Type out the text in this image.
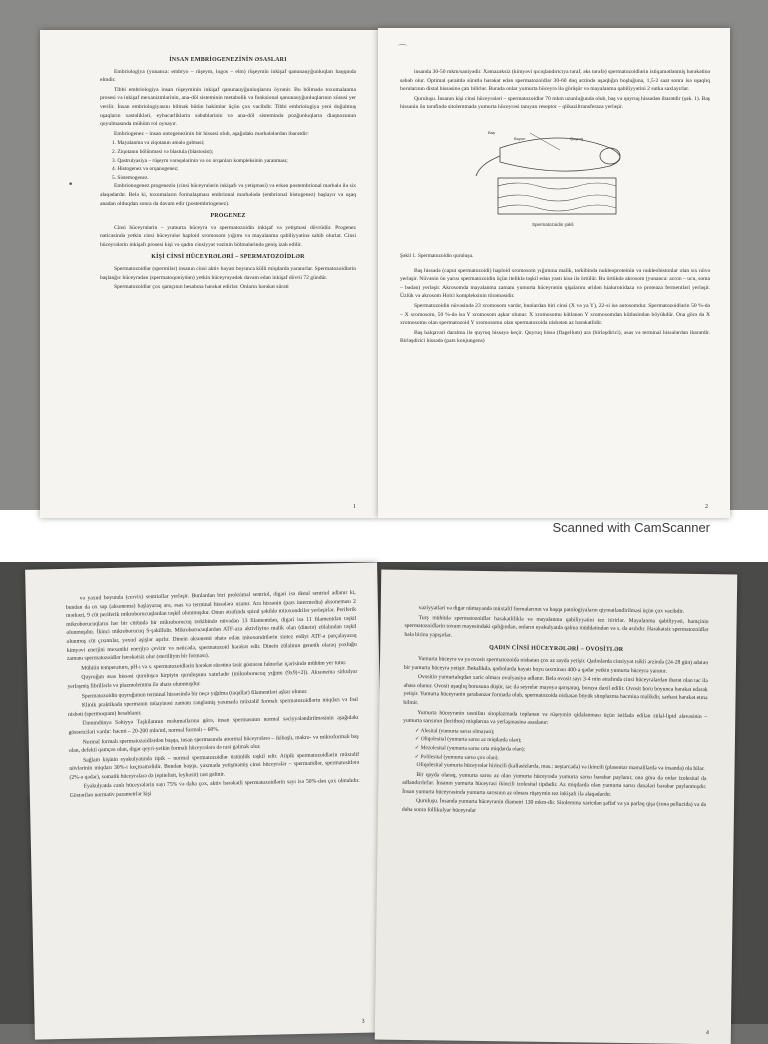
Scanned with CamScanner
İNSAN EMBRİOGENEZİNİN ƏSASLARI

Embriologiya (yunanca: embryo – rüşeym, logos – elm) rüşeymin inkişaf qanunauyğunluqları haqqında elmdir.

Tibbi embriologiya insan rüşeyminin inkişaf qanunauyğunluqlarını öyrənir. Bu bölmədə toxumalanma prosesi və inkişaf mexanizmlərinin, ana-döl sisteminin metabolik və funksional qanunauyğunluqlarının xüsusi yer verilir. İnsan embriologiyasını bilmək bütün həkimlər üçün çox vacibdir. Tibbi embriologiya yeni doğulmuş uşaqların xəstəlikləri, eybəcərliklərin səbəblərinin və ana-döl sistemində pozğunluqların diaqnozunun qoyulmasında mühüm rol oynayır.

Embriogenez – insan ontogenezinin bir hissəsi olub, aşağıdakı mərhələlərdən ibarətdir:

1. Mayalanma və ziqotanın əmələ gəlməsi;
2. Ziqotanın bölünməsi və blastula (blastosist);
3. Qastrulyasiya – rüşeym vərəqələrinin və ox orqanları kompleksinin yaranması;
4. Histogenez və orqanogenez;
5. Sistemogenez.

Embrionogenez progenezlə (cinsi hüceyrələrin inkişafı və yetişməsi) və erkən postembrional mərhələ ilə six əlaqədardır. Belə ki, toxumaların formalaşması embrional mərhələdə (embrional histogenez) başlayır və uşaq anadan olduqdan sonra da davam edir (postembriogenez).

PROGENEZ

Cinsi hüceyrələrin – yumurta hüceyrə və spermatozoidin inkişaf və yetişməsi dövrüdür. Progenez nəticəsində yetkin cinsi hüceyrələr haploid xromosom yığımı və mayalanma qabiliyyətinə sahib olurlar. Cinsi hüceyrələrin inkişafı prosesi kişi və qadın cinsiyyət vəzinin bölmələrində geniş izah edilir.

KİŞİ CİNSİ HÜCEYRƏLƏRİ – SPERMATOZOİDLƏR

Spermatozoidlər (spermilər) insanın cinsi aktiv həyatı boyunca külli miqdarda yaranırlar. Spermatozoidlərin başlanğıc hüceyrədən (spermatoqoniydən) yetkin hüceyrəyədək davam edən inkişaf dövrü 72 gündür.

Spermatozoidlər çox qamçının hesabına hərəkət edirlər. Onların hərəkət sürəti

•
1
⌒

insanda 30-50 mkm/saniyədir. Xəmazəksiz (kimyəvi qıcıqlandırıcıya təraf, əks tərəfə) spermatozoidlərin istiqamətlənmiş hərəkətinə səbəb olur. Optimal şəraitdə sürətlə hərəkət edən spermatozoidlər 30-60 dəq ərzində uşaqlığın boşluğuna, 1,5-2 saat sonra isə uşaqlıq borularının distal hissəsinə çatı bilirlər. Burada onlar yumurta hüceyrə ilə görüşür və mayalanma qabiliyyətini 2 sutka saxlayırlar.

Quruluşu. İnsanın kişi cinsi hüceyrələri – spermatozoidlər 70 mkm uzunluğunda olub, baş və quyruq hissədən ibarətdir (şək. 1). Baş hissənin ön tərəfində sitolemmada yumurta hüceyrəsi tanıyan reseptor – qlikaziltransferaza yerləşir.

Baş
Boyun	Quyruq
Spermatozoidin şəkli
Şəkil 1. Spermatozoidin quruluşu.

Baş hissədə (caput spermatozoidi) haploid xromosom yığımına malik, tərkibində nukleoproteinin və nukleohistonlar olan sıx nüvə yerləşir. Nüvənin ön yarısı spermatozoidin üçün iteliklə təşkil edən yastı kisə ilə örtülür. Bu örtükdə akrosom (yunanca: acron – ucu, soma – bədən) yerləşir. Akrosomda mayalanma zamanı yumurta hüceyrənin qişalarını əridən hialuronidaza və proteaza fermentləri yerləşir. Üzlük və akrosom Holci kompleksinin törəməsidir.

Spermatozoidin nüvəsində 23 xromosom vardır, bunlardan biri cinsi (X və ya Y), 22-si isə autosomdur. Spermatozoidlərin 50 %-də – X xromosom, 50 %-də isə Y xromosom aşkar olunur. X xromosomu kütlənən Y xromosomdan kütləsindən böyükdür. Ona görə də X xromosomu olan spermatozoid Y xromosomu olan spermatozoida nisbətən az hərəkətlidir.

Baş halqavari daralma ilə quyruq hissəyə keçir. Quyruq hissə (flagellum) ara (birləşdirici), əsas və terminal hissələrdən ibarətdir. Birləşdirici hissədə (pars konjungens)

2

və yaxud boyunda (cervix) sentriollar yerləşir. Bunlardan biri proksimal sentriol, digəri isə distal sentriol adlanır ki, bundan da ox sap (aksonema) başlayaraq ara, əsas və terminal hissələrə uzanır. Ara hissənin (pars intermedia) aksoneması 2 mərkəzi, 9 cüt periferik mikroborucuqlardan təşkil olunmuşdur. Onun ətrafında spiral şəkildə mitoxondrilər yerləşirlər. Periferik mikroborucuqların hər bir cütündə bir mikroborucuq tərkibində nüvədən 13 filamentdən, digəri isə 11 filamentdən təşkil olunmuşdur. İkinci mikroborucuq S-şəkillidir. Mikroborucuqlardan ATF-aza aktivliyinə malik olan (dinein) zülalından təşkil olunmuş cüt çıxıntılar, yəxud əşişlər aşırlır. Dinein aksonemi əhatə edən mitoxondrilərin sintez etdiyi ATF-a parçalayaraq kimyəvi enerjini mexaniki enerjiyə çevirir və nəticədə, spermatozoid hərəkət edir. Dinein zülalının genetik olaraq yoxluğu zamanı spermatozoidlər hərəkətsiz olur (sterilliyin bir forması).

Mühitin temperaturu, pH-ı və s. spermatozoidlərin hərəkət sürətinə təsir göstərən faktorlar içərisində mühüm yer tutur.

Quyruğun əsas hissəsi quruluşca kirpiyin quruluşunu xatırladır (mikroborucuq yığımı (9x9)+2)). Aksonema sirkulyar yerləşmiş fibrillərlə və plazmolemma ilə əhatə olunmuşdur.

Spermatozoidin quyruğunun terminal hissəsində bir neçə yığılma (taqallar) filamentləri aşkar olunur.

Klinik praktikada spermanın müayinəsi zamanı rəngləmiş yaxmada müxtəlif formalı spermatozoidlərin miqdarı və fəal nisbəti (spermoqram) hesablanır.

Ümumdünya Səhiyyə Təşkilatının məlumatlarına görə, insan spermasının normal səciyyələndirilməsinin aşağıdakı göstəriciləri vardır: həcmi – 20-200 mln/ml, normal formalı – 60%.

Normal formalı spermatozoidlərdən başqa, insan spermasında anormal hüceyrələrə – ikibaşlı, makro- və mikroformalı baş olan, defekti qamçısı olan, digər qeyri-yetkin formalı hüceyrələrə də rast gəlmək olur.

Sağlam kişinin eyakulyatında tipik – normal spermatozoidlər üstünlük təşkil edir. Atipik spermatozoidlərin müxtəlif növlərinin miqdarı 30%-i keçməməlidir. Bundan başqa, yaxmada yetişməmiş cinsi hüceyrələr – spermatidlər, spermatositlərə (2%-ə qədər), somatik hüceyrələrə də (epitelisit, leykosit) rast gəlinir.

Eyakulyatda canlı hüceyrələrin sayı 75% və daha çox, aktiv hərəkətli spermatozoidlərin sayı isə 50%-dən çox olmalıdır. Göstərilən normativ parametrlər kişi

3

vəziyyətləri və digər nümayəndə müxtəlif formalarının və başqa patologiyaların qiymətləndirilməsi üçün çox vacibdir.

Turş mühitdə spermatozoidlər hərəkətliliklə və mayalanma qabiliyyətini tez itirirlər. Mayalanma qabiliyyəti, həmçinin spermatozoidlərin toxum mayesindəki qalığından, onların eyakulyatda qalma müddətindən və s. də asılıdır. Hərəkətsiz spermatozoidlər hələ birinə yapışırlar.

QADIN CİNSİ HÜCEYRƏLƏRİ – OVOSİTLƏR

Yumurta hüceyrə və ya ovosit spermatozoidə nisbətən çox az sayda yetişir. Qadınlarda cinsiyyət tsikli ərzində (24-28 gün) adətən bir yumurta hüceyrə yetişir. Bekalikdə, qadınlarda həyatı boyu təxminən 400-ə qədər yetkin yumurta hüceyrə yaranır.

Ovositin yumurtalıqdan xaric olması ovulyasiya adlanır. Belə ovosit sayı 3-4 min ətrafında cinsi hüceyrələrdən ibarət olan təc ilə əhatə olunur. Ovosit uşaqlıq borusuna düşür, təc də seyrelər mayeyə qarışaraq, boruya daxil edilir. Ovosit boru boyunca hərəkət edərək yetişir. Yumurta hüceyrənin şarabənzər formada olub, spermatozoida nisbətən böyük sitoplazma həcminə malikdir, sərbəst hərəkət etmə bilmir.

Yumurta hüceyrənin təsnifatı sitoplazmada toplanan və rüşeymin qidalanması üçün istifadə edilən zülal-lipid əlavəsinin – yumurta sarısının (lecithos) miqdarına və yerləşməsinə əsaslanır:

✓ Alesital (yumurta sarısı olmayan);
✓ Oliqolesital (yumurta sarısı az miqdarda olan);
✓ Mezolesital (yumurta sarısı orta miqdarda olan);
✓ Polilesital (yumurta sarısı çox olan).

Oliqolesital yumurta hüceyrələr birincili (kəlləsizlərdə, məs.: neştərcədə) və ikincili (plasentar məməlilərdə və insanda) ola bilər.

Bir qayda olaraq, yumurta sarısı az olan yumurta hüceyrədə yumurta sarısı bərabər paylanır, ona görə də onlar izolesital də adlandırılırlar. İnsanın yumurta hüceyrəsi ikincili izolesital tipdədir. Az miqdarda olan yumurta sarısı dənələri bərabər paylanmışdır. İnsan yumurta hüceyrəsində yumurta sarısının az olması rüşeymin tez inkişafı ilə əlaqədardır.

Quruluşu. İnsanda yumurta hüceyrənin diametri 130 mkm-dir. Sitolemma xaricdən şəffaf və ya parlaq qişa (zona pellucida) və da daha sonra follikulyar hüceyrələr

4
